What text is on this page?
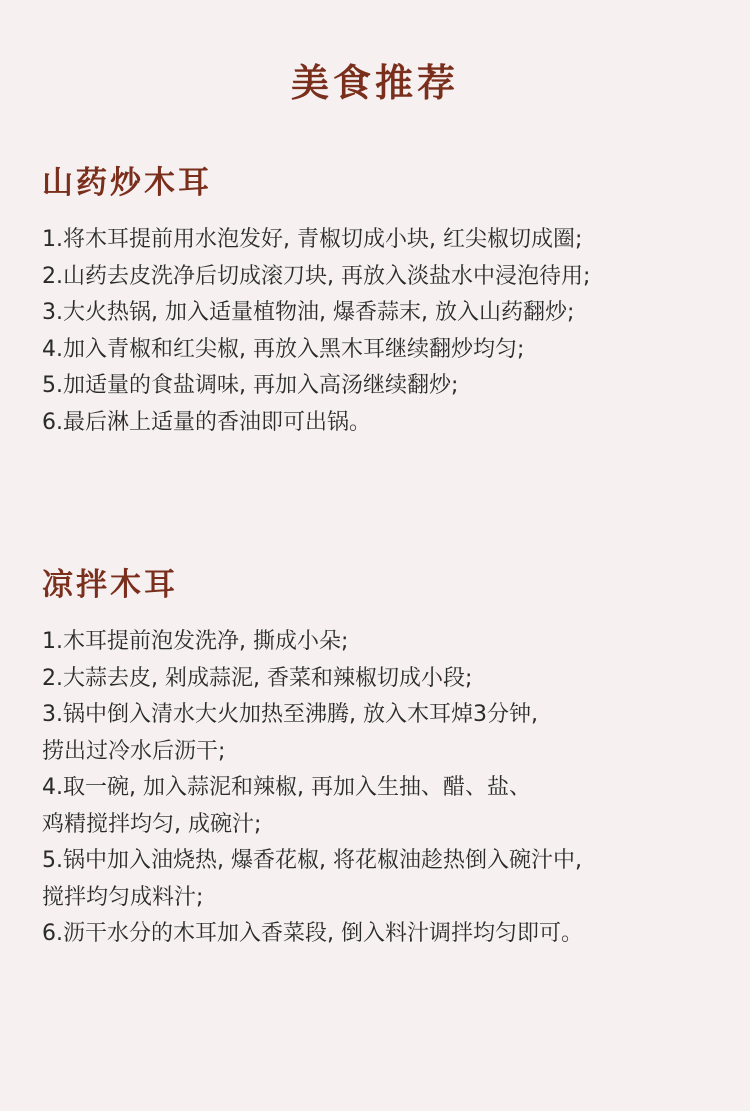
美食推荐
山药炒木耳
1.将木耳提前用水泡发好, 青椒切成小块, 红尖椒切成圈;
2.山药去皮洗净后切成滚刀块, 再放入淡盐水中浸泡待用;
3.大火热锅, 加入适量植物油, 爆香蒜末, 放入山药翻炒;
4.加入青椒和红尖椒, 再放入黑木耳继续翻炒均匀;
5.加适量的食盐调味, 再加入高汤继续翻炒;
6.最后淋上适量的香油即可出锅。
凉拌木耳
1.木耳提前泡发洗净, 撕成小朵;
2.大蒜去皮, 剁成蒜泥, 香菜和辣椒切成小段;
3.锅中倒入清水大火加热至沸腾, 放入木耳焯3分钟,
捞出过冷水后沥干;
4.取一碗, 加入蒜泥和辣椒, 再加入生抽、醋、盐、
鸡精搅拌均匀, 成碗汁;
5.锅中加入油烧热, 爆香花椒, 将花椒油趁热倒入碗汁中,
搅拌均匀成料汁;
6.沥干水分的木耳加入香菜段, 倒入料汁调拌均匀即可。
